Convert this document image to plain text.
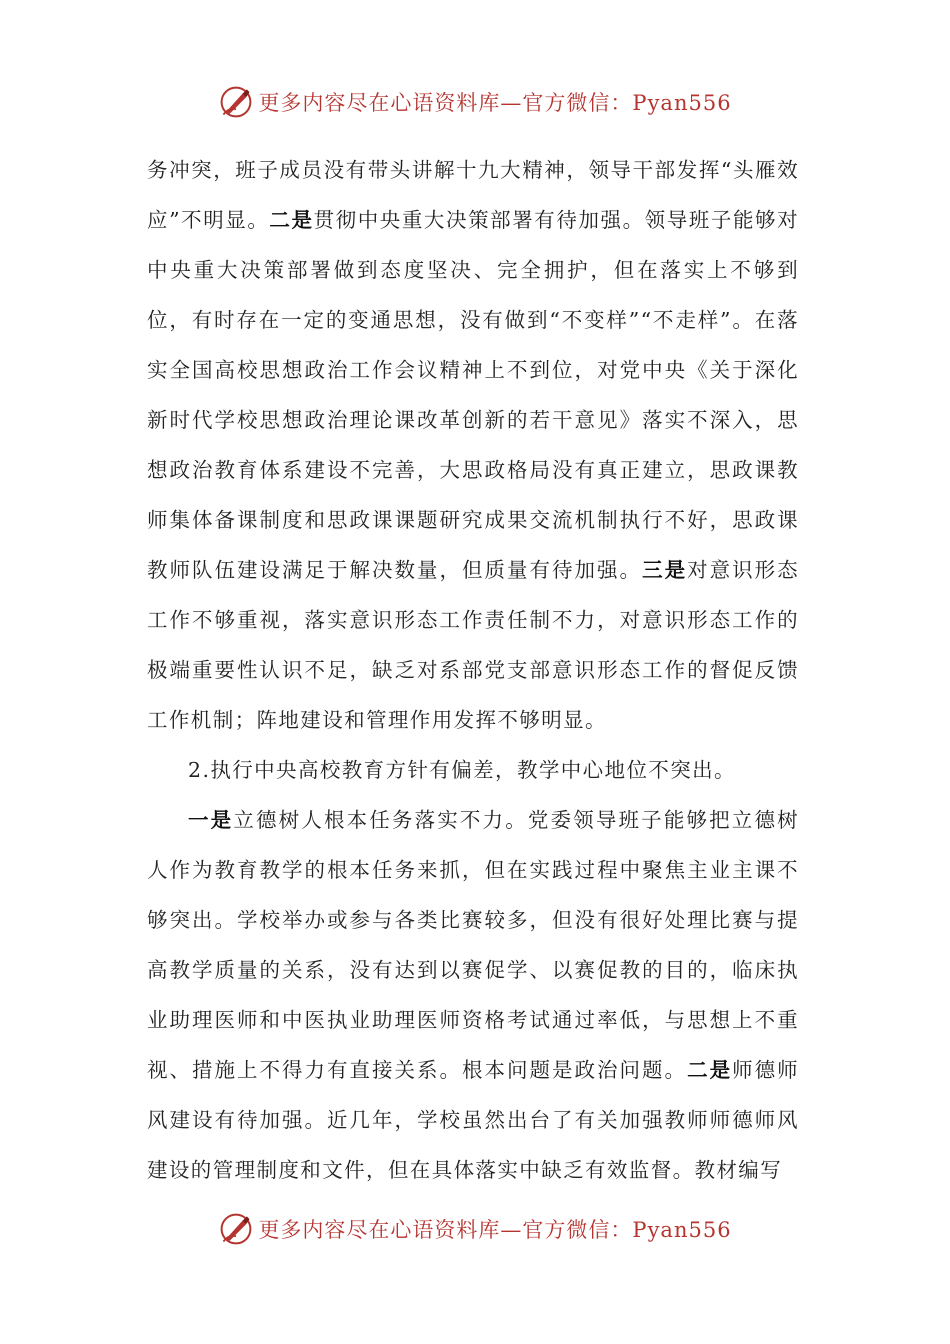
更多内容尽在心语资料库—官方微信：Pyan556

务冲突，班子成员没有带头讲解十九大精神，领导干部发挥“头雁效应”不明显。二是贯彻中央重大决策部署有待加强。领导班子能够对中央重大决策部署做到态度坚决、完全拥护，但在落实上不够到位，有时存在一定的变通思想，没有做到“不变样”“不走样”。在落实全国高校思想政治工作会议精神上不到位，对党中央《关于深化新时代学校思想政治理论课改革创新的若干意见》落实不深入，思想政治教育体系建设不完善，大思政格局没有真正建立，思政课教师集体备课制度和思政课课题研究成果交流机制执行不好，思政课教师队伍建设满足于解决数量，但质量有待加强。三是对意识形态工作不够重视，落实意识形态工作责任制不力，对意识形态工作的极端重要性认识不足，缺乏对系部党支部意识形态工作的督促反馈工作机制；阵地建设和管理作用发挥不够明显。

2.执行中央高校教育方针有偏差，教学中心地位不突出。

一是立德树人根本任务落实不力。党委领导班子能够把立德树人作为教育教学的根本任务来抓，但在实践过程中聚焦主业主课不够突出。学校举办或参与各类比赛较多，但没有很好处理比赛与提高教学质量的关系，没有达到以赛促学、以赛促教的目的，临床执业助理医师和中医执业助理医师资格考试通过率低，与思想上不重视、措施上不得力有直接关系。根本问题是政治问题。二是师德师风建设有待加强。近几年，学校虽然出台了有关加强教师师德师风建设的管理制度和文件，但在具体落实中缺乏有效监督。教材编写

更多内容尽在心语资料库—官方微信：Pyan556
